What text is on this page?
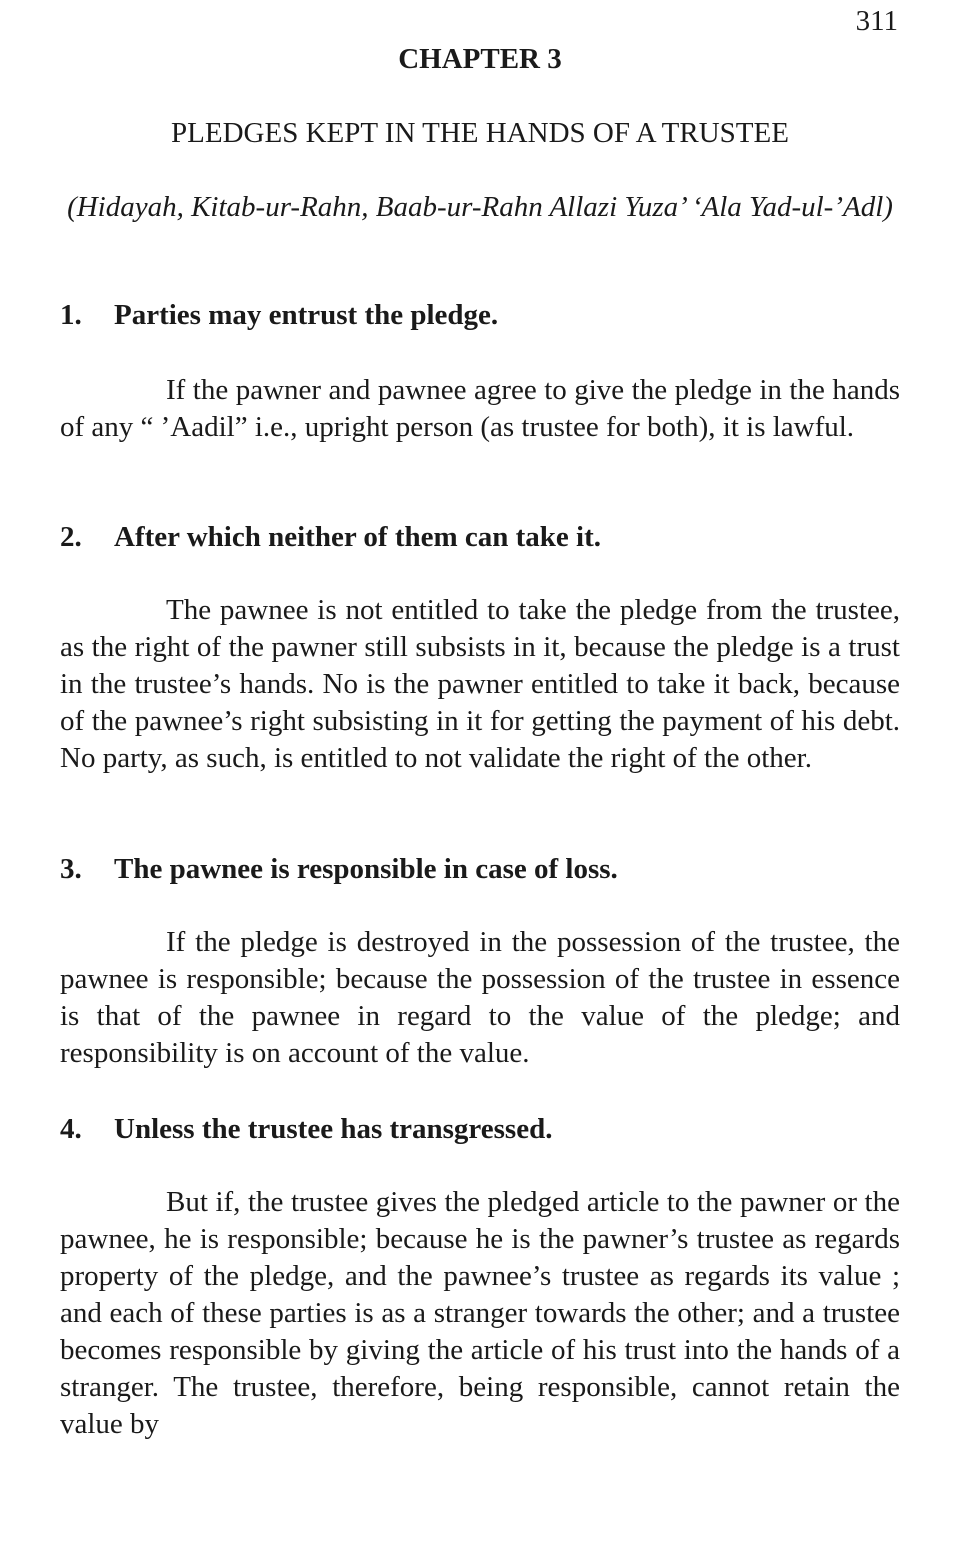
311
CHAPTER 3
PLEDGES KEPT IN THE HANDS OF A TRUSTEE
(Hidayah, Kitab-ur-Rahn, Baab-ur-Rahn Allazi Yuza’ ‘Ala Yad-ul-’Adl)
1. Parties may entrust the pledge.
If the pawner and pawnee agree to give the pledge in the hands of any “ ’Aadil” i.e., upright person (as trustee for both), it is lawful.
2. After which neither of them can take it.
The pawnee is not entitled to take the pledge from the trustee, as the right of the pawner still subsists in it, because the pledge is a trust in the trustee’s hands. No is the pawner entitled to take it back, because of the pawnee’s right subsisting in it for getting the payment of his debt. No party, as such, is entitled to not validate the right of the other.
3. The pawnee is responsible in case of loss.
If the pledge is destroyed in the possession of the trustee, the pawnee is responsible; because the possession of the trustee in essence is that of the pawnee in regard to the value of the pledge; and responsibility is on account of the value.
4. Unless the trustee has transgressed.
But if, the trustee gives the pledged article to the pawner or the pawnee, he is responsible; because he is the pawner’s trustee as regards property of the pledge, and the pawnee’s trustee as regards its value ; and each of these parties is as a stranger towards the other; and a trustee becomes responsible by giving the article of his trust into the hands of a stranger. The trustee, therefore, being responsible, cannot retain the value by
